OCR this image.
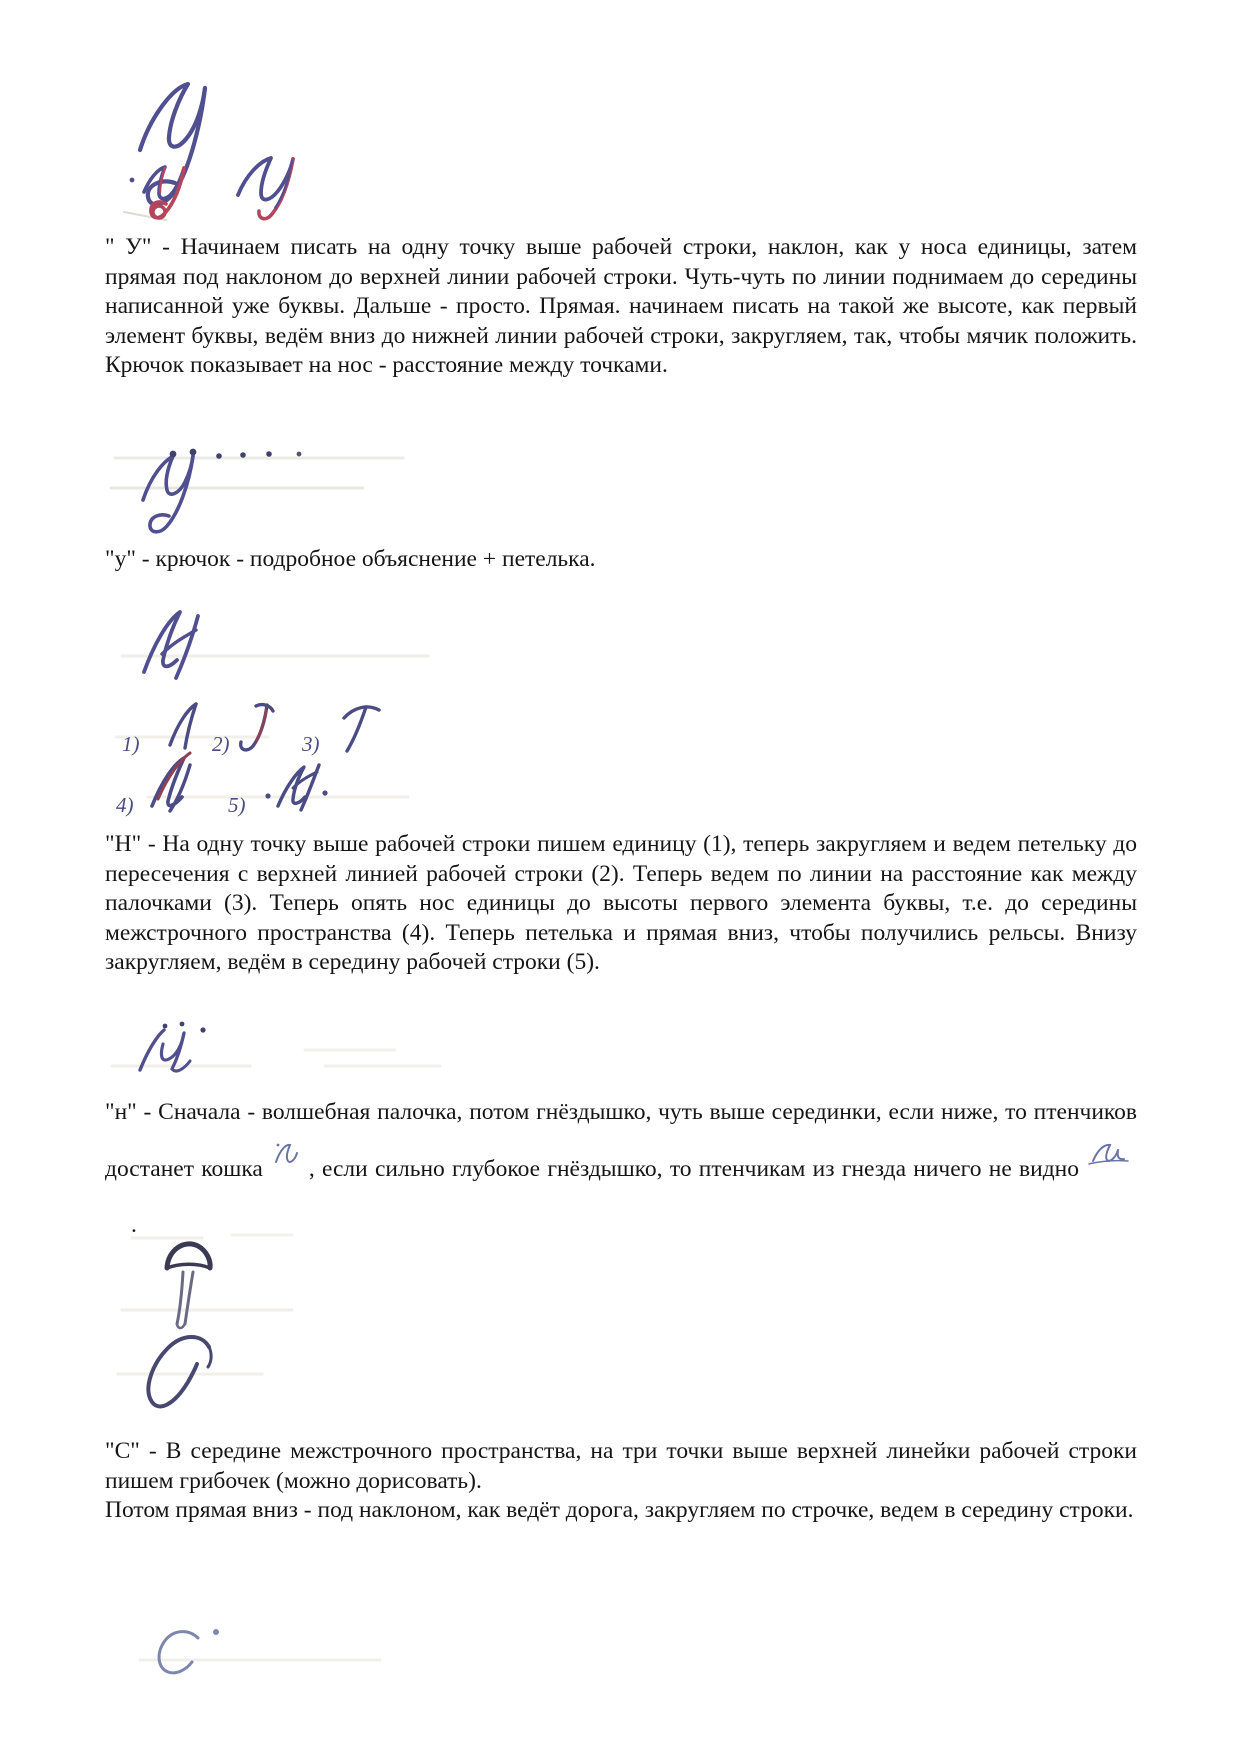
" У" - Начинаем писать на одну точку выше рабочей строки, наклон, как у носа единицы, затем прямая под наклоном до верхней линии рабочей строки. Чуть-чуть по линии поднимаем до середины написанной уже буквы. Дальше - просто. Прямая. начинаем писать на такой же высоте, как первый элемент буквы, ведём вниз до нижней линии рабочей строки, закругляем, так, чтобы мячик положить. Крючок показывает на нос - расстояние между точками.

"у" - крючок - подробное объяснение + петелька.
1)	2)	3)
4)	5)

"Н" - На одну точку выше рабочей строки пишем единицу (1), теперь закругляем и ведем петельку до пересечения с верхней линией рабочей строки (2). Теперь ведем по линии на расстояние как между палочками (3). Теперь опять нос единицы до высоты первого элемента буквы, т.е. до середины межстрочного пространства (4). Теперь петелька и прямая вниз, чтобы получились рельсы. Внизу закругляем, ведём в середину рабочей строки (5).

"н" - Сначала - волшебная палочка, потом гнёздышко, чуть выше серединки, если ниже, то птенчиков достанет кошка , если сильно глубокое гнёздышко, то птенчикам из гнезда ничего не видно.

"С" - В середине межстрочного пространства, на три точки выше верхней линейки рабочей строки пишем грибочек (можно дорисовать).

Потом прямая вниз - под наклоном, как ведёт дорога, закругляем по строчке, ведем в середину строки.
